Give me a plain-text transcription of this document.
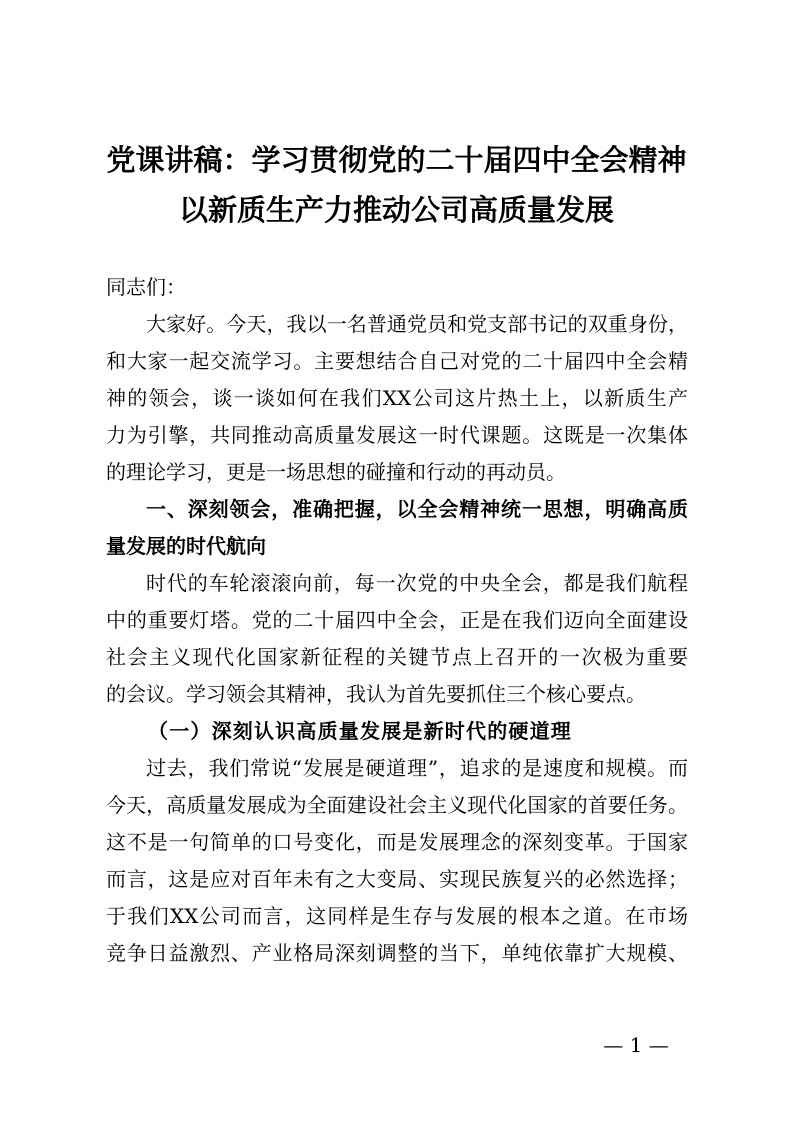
党课讲稿：学习贯彻党的二十届四中全会精神
以新质生产力推动公司高质量发展
同志们：
大家好。今天，我以一名普通党员和党支部书记的双重身份，
和大家一起交流学习。主要想结合自己对党的二十届四中全会精
神的领会，谈一谈如何在我们XX公司这片热土上，以新质生产
力为引擎，共同推动高质量发展这一时代课题。这既是一次集体
的理论学习，更是一场思想的碰撞和行动的再动员。
一、深刻领会，准确把握，以全会精神统一思想，明确高质
量发展的时代航向
时代的车轮滚滚向前，每一次党的中央全会，都是我们航程
中的重要灯塔。党的二十届四中全会，正是在我们迈向全面建设
社会主义现代化国家新征程的关键节点上召开的一次极为重要
的会议。学习领会其精神，我认为首先要抓住三个核心要点。
（一）深刻认识高质量发展是新时代的硬道理
过去，我们常说“发展是硬道理”，追求的是速度和规模。而
今天，高质量发展成为全面建设社会主义现代化国家的首要任务。
这不是一句简单的口号变化，而是发展理念的深刻变革。于国家
而言，这是应对百年未有之大变局、实现民族复兴的必然选择；
于我们XX公司而言，这同样是生存与发展的根本之道。在市场
竞争日益激烈、产业格局深刻调整的当下，单纯依靠扩大规模、
— 1 —
